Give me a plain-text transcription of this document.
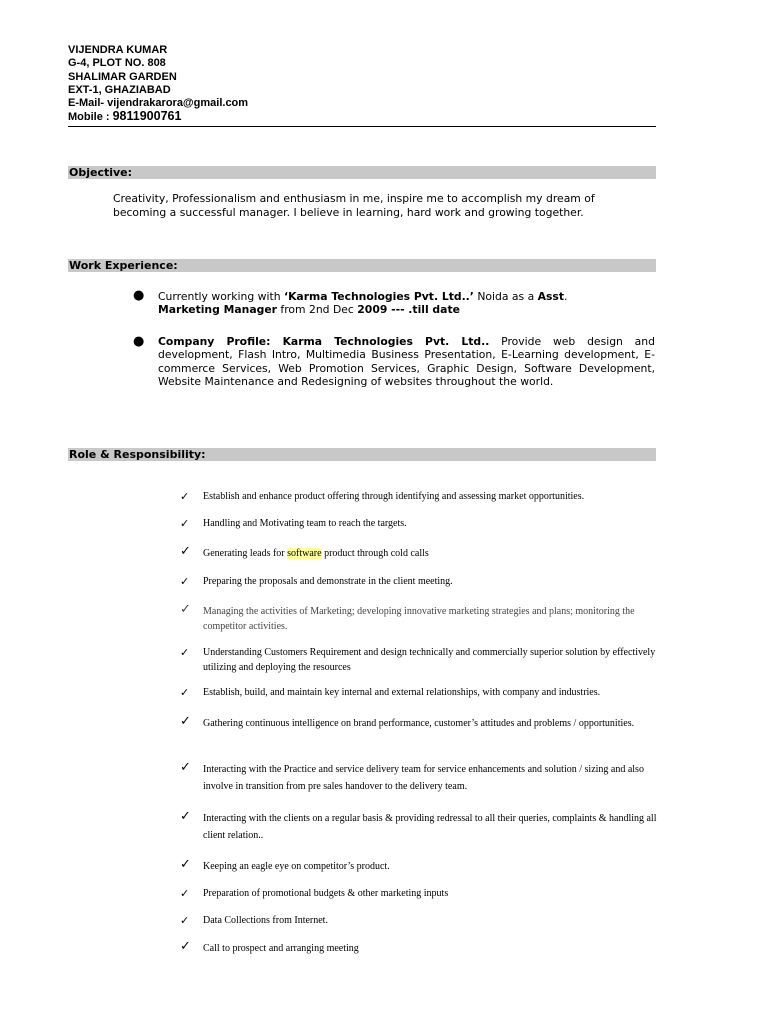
VIJENDRA KUMAR
G-4, PLOT NO. 808
SHALIMAR GARDEN
EXT-1, GHAZIABAD
E-Mail- vijendrakarora@gmail.com
Mobile : 9811900761
Objective:
Creativity, Professionalism and enthusiasm in me, inspire me to accomplish my dream of becoming a successful manager. I believe in learning, hard work and growing together.
Work Experience:
● Currently working with ‘Karma Technologies Pvt. Ltd..’ Noida as a Asst.
Marketing Manager from 2nd Dec 2009 --- .till date
● Company Profile: Karma Technologies Pvt. Ltd.. Provide web design and development, Flash Intro, Multimedia Business Presentation, E-Learning development, E-commerce Services, Web Promotion Services, Graphic Design, Software Development, Website Maintenance and Redesigning of websites throughout the world.
Role & Responsibility:
✓ Establish and enhance product offering through identifying and assessing market opportunities.
✓ Handling and Motivating team to reach the targets.
✓ Generating leads for software product through cold calls
✓ Preparing the proposals and demonstrate in the client meeting.
✓ Managing the activities of Marketing; developing innovative marketing strategies and plans; monitoring the competitor activities.
✓ Understanding Customers Requirement and design technically and commercially superior solution by effectively utilizing and deploying the resources
✓ Establish, build, and maintain key internal and external relationships, with company and industries.
✓ Gathering continuous intelligence on brand performance, customer’s attitudes and problems / opportunities.
✓ Interacting with the Practice and service delivery team for service enhancements and solution / sizing and also involve in transition from pre sales handover to the delivery team.
✓ Interacting with the clients on a regular basis & providing redressal to all their queries, complaints & handling all client relation..
✓ Keeping an eagle eye on competitor’s product.
✓ Preparation of promotional budgets & other marketing inputs
✓ Data Collections from Internet.
✓ Call to prospect and arranging meeting
